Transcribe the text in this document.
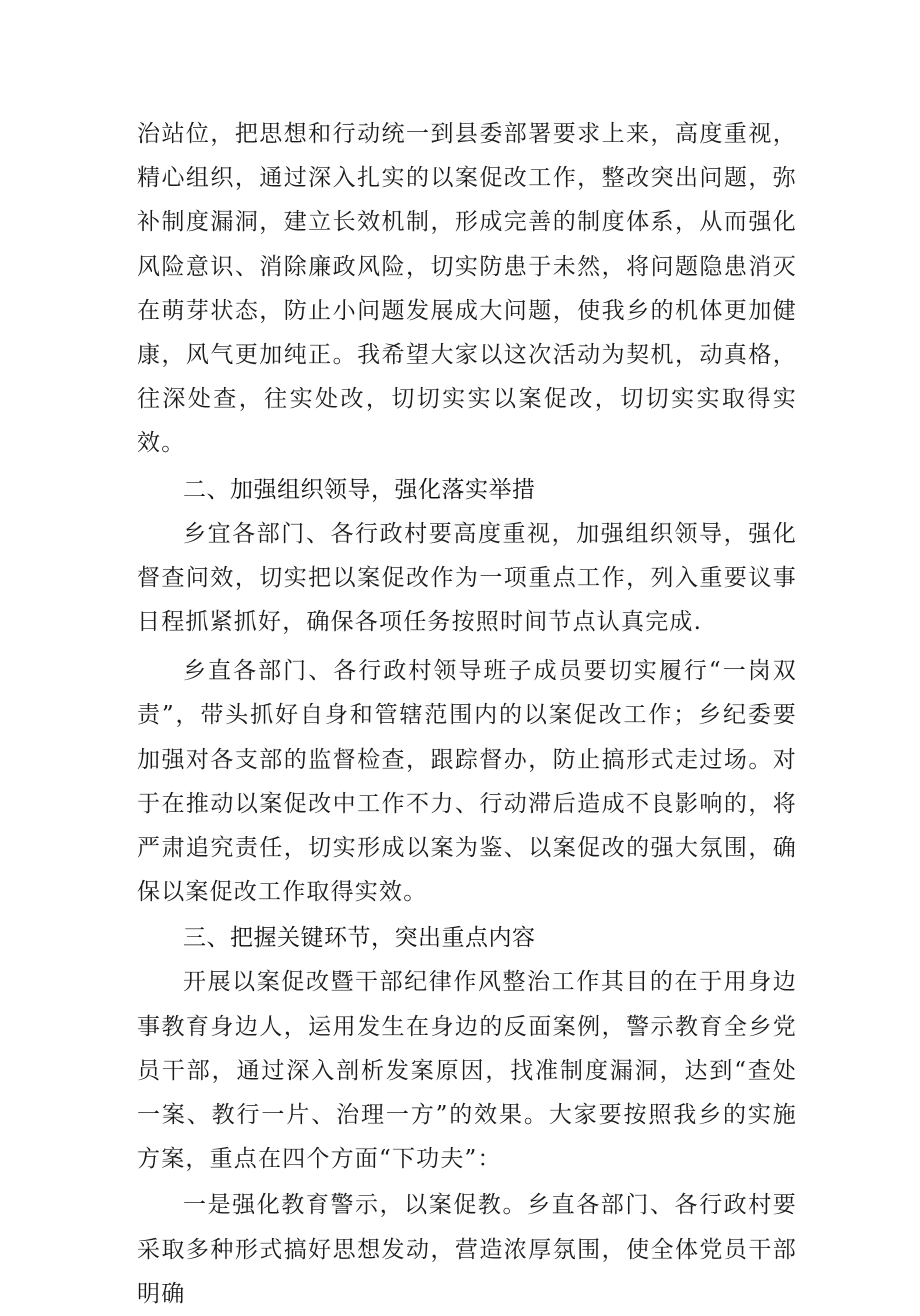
治站位，把思想和行动统一到县委部署要求上来，高度重视，精心组织，通过深入扎实的以案促改工作，整改突出问题，弥补制度漏洞，建立长效机制，形成完善的制度体系，从而强化风险意识、消除廉政风险，切实防患于未然，将问题隐患消灭在萌芽状态，防止小问题发展成大问题，使我乡的机体更加健康，风气更加纯正。我希望大家以这次活动为契机，动真格，往深处查，往实处改，切切实实以案促改，切切实实取得实效。

二、加强组织领导，强化落实举措

乡宜各部门、各行政村要高度重视，加强组织领导，强化督查问效，切实把以案促改作为一项重点工作，列入重要议事日程抓紧抓好，确保各项任务按照时间节点认真完成.

乡直各部门、各行政村领导班子成员要切实履行“一岗双责”，带头抓好自身和管辖范围内的以案促改工作；乡纪委要加强对各支部的监督检查，跟踪督办，防止搞形式走过场。对于在推动以案促改中工作不力、行动滞后造成不良影响的，将严肃追究责任，切实形成以案为鉴、以案促改的强大氛围，确保以案促改工作取得实效。

三、把握关键环节，突出重点内容

开展以案促改暨干部纪律作风整治工作其目的在于用身边事教育身边人，运用发生在身边的反面案例，警示教育全乡党员干部，通过深入剖析发案原因，找准制度漏洞，达到“查处一案、教行一片、治理一方”的效果。大家要按照我乡的实施方案，重点在四个方面“下功夫”：

一是强化教育警示，以案促教。乡直各部门、各行政村要采取多种形式搞好思想发动，营造浓厚氛围，使全体党员干部明确
